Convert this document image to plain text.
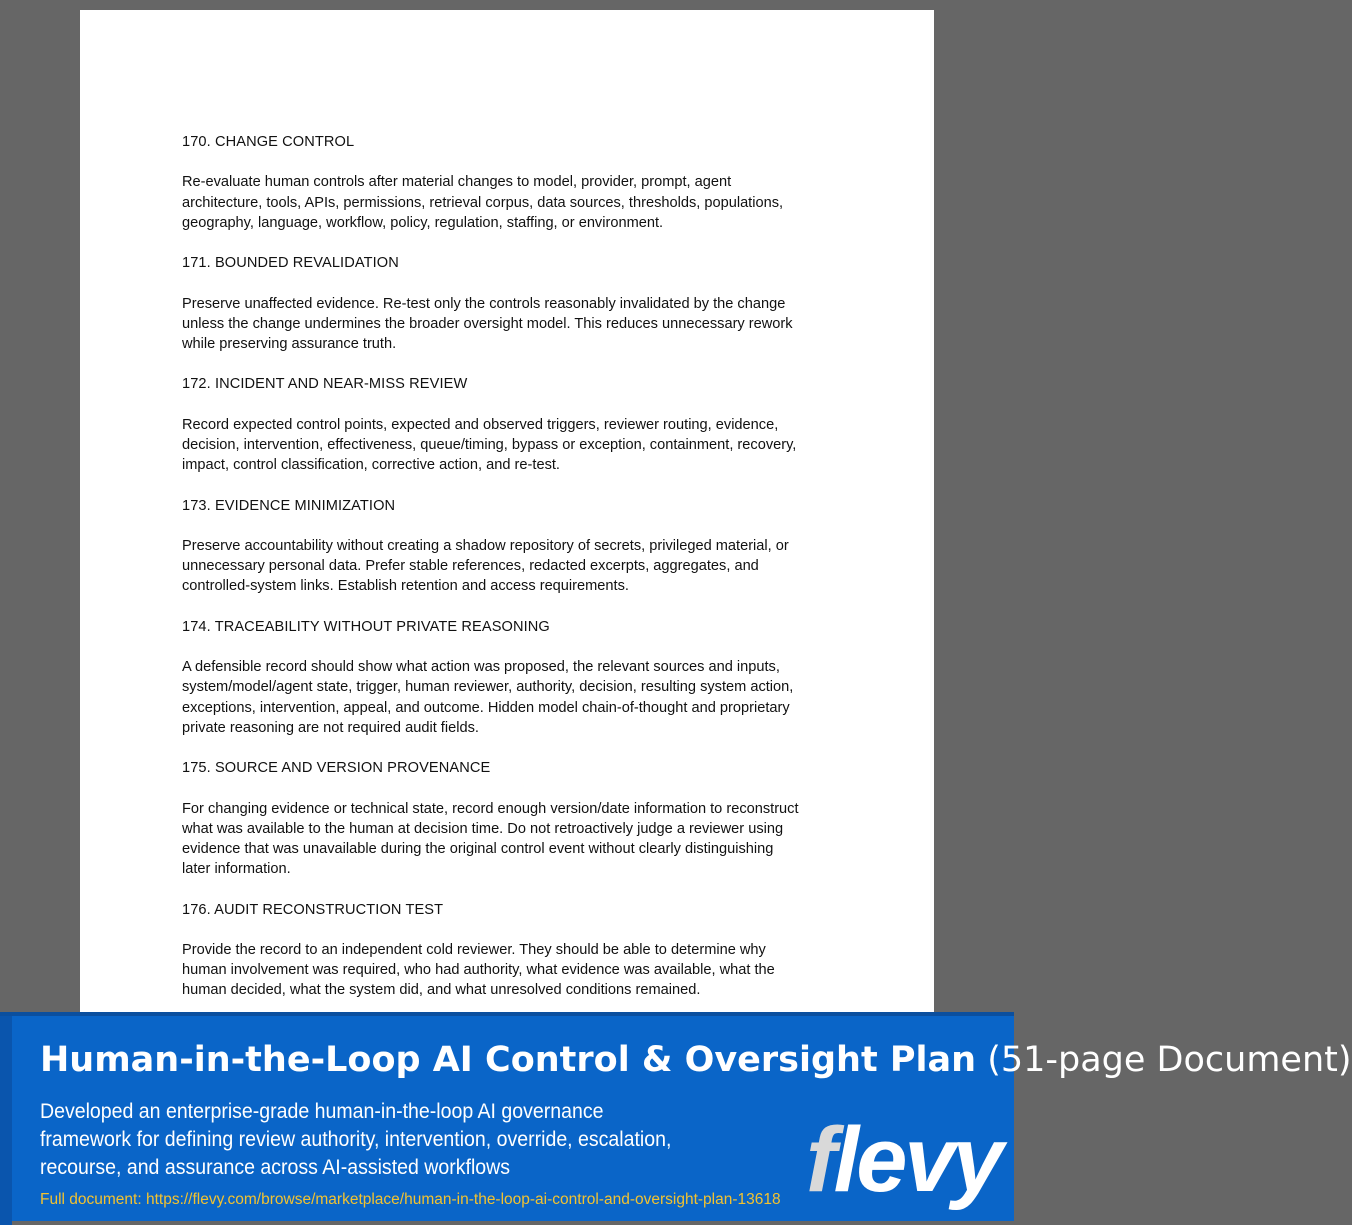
170. CHANGE CONTROL
Re-evaluate human controls after material changes to model, provider, prompt, agent
architecture, tools, APIs, permissions, retrieval corpus, data sources, thresholds, populations,
geography, language, workflow, policy, regulation, staffing, or environment.
171. BOUNDED REVALIDATION
Preserve unaffected evidence. Re-test only the controls reasonably invalidated by the change
unless the change undermines the broader oversight model. This reduces unnecessary rework
while preserving assurance truth.
172. INCIDENT AND NEAR-MISS REVIEW
Record expected control points, expected and observed triggers, reviewer routing, evidence,
decision, intervention, effectiveness, queue/timing, bypass or exception, containment, recovery,
impact, control classification, corrective action, and re-test.
173. EVIDENCE MINIMIZATION
Preserve accountability without creating a shadow repository of secrets, privileged material, or
unnecessary personal data. Prefer stable references, redacted excerpts, aggregates, and
controlled-system links. Establish retention and access requirements.
174. TRACEABILITY WITHOUT PRIVATE REASONING
A defensible record should show what action was proposed, the relevant sources and inputs,
system/model/agent state, trigger, human reviewer, authority, decision, resulting system action,
exceptions, intervention, appeal, and outcome. Hidden model chain-of-thought and proprietary
private reasoning are not required audit fields.
175. SOURCE AND VERSION PROVENANCE
For changing evidence or technical state, record enough version/date information to reconstruct
what was available to the human at decision time. Do not retroactively judge a reviewer using
evidence that was unavailable during the original control event without clearly distinguishing
later information.
176. AUDIT RECONSTRUCTION TEST
Provide the record to an independent cold reviewer. They should be able to determine why
human involvement was required, who had authority, what evidence was available, what the
human decided, what the system did, and what unresolved conditions remained.
Human-in-the-Loop AI Control & Oversight Plan (51-page Document)
Developed an enterprise-grade human-in-the-loop AI governance
framework for defining review authority, intervention, override, escalation,
recourse, and assurance across AI-assisted workflows
Full document: https://flevy.com/browse/marketplace/human-in-the-loop-ai-control-and-oversight-plan-13618 flevy
